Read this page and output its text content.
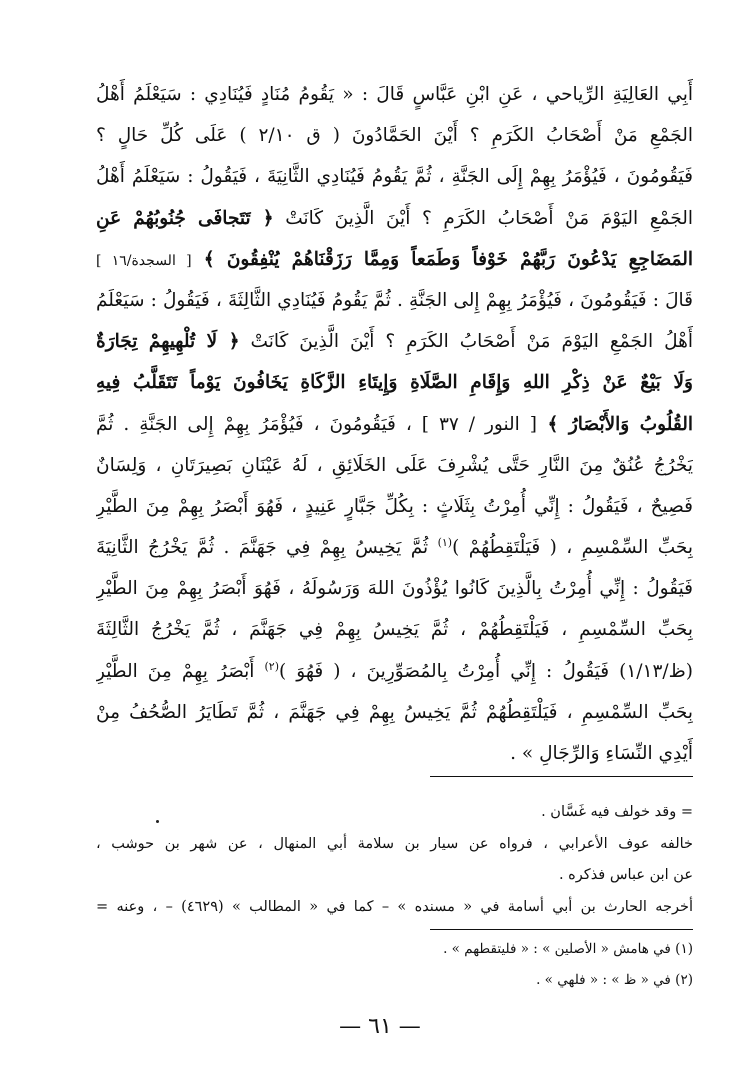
أَبِي العَالِيَةِ الرِّياحي ، عَنِ ابْنِ عَبَّاسٍ قَالَ : « يَقُومُ مُنَادٍ فَيُنَادِي : سَيَعْلَمُ أَهْلُ
الجَمْعِ مَنْ أَصْحَابُ الكَرَمِ ؟ أَيْنَ الحَمَّادُونَ ( ق ٢/١٠ ) عَلَى كُلِّ حَالٍ ؟
فَيَقُومُونَ ، فَيُؤْمَرُ بِهِمْ إِلَى الجَنَّةِ ، ثُمَّ يَقُومُ فَيُنَادِي الثَّانِيَةَ ، فَيَقُولُ : سَيَعْلَمُ أَهْلُ
الجَمْعِ اليَوْمَ مَنْ أَصْحَابُ الكَرَمِ ؟ أَيْنَ الَّذِينَ كَانَتْ ﴿ تَتَجافَى جُنُوبُهُمْ عَنِ
المَضَاجِعِ يَدْعُونَ رَبَّهُمْ خَوْفاً وَطَمَعاً وَمِمَّا رَزَقْنَاهُمْ يُنْفِقُونَ ﴾ [ السجدة/١٦ ]
قَالَ : فَيَقُومُونَ ، فَيُؤْمَرُ بِهِمْ إِلى الجَنَّةِ . ثُمَّ يَقُومُ فَيُنَادِي الثَّالِثَةَ ، فَيَقُولُ : سَيَعْلَمُ
أَهْلُ الجَمْعِ اليَوْمَ مَنْ أَصْحَابُ الكَرَمِ ؟ أَيْنَ الَّذِينَ كَانَتْ ﴿ لَا تُلْهِيهِمْ تِجَارَةٌ
وَلَا بَيْعٌ عَنْ ذِكْرِ اللهِ وَإِقَامِ الصَّلَاةِ وَإِيتَاءِ الزَّكَاةِ يَخَافُونَ يَوْماً تَتَقَلَّبُ فِيهِ
القُلُوبُ وَالأَبْصَارُ ﴾ [ النور / ٣٧ ] ، فَيَقُومُونَ ، فَيُؤْمَرُ بِهِمْ إِلى الجَنَّةِ . ثُمَّ
يَخْرُجُ عُنُقٌ مِنَ النَّارِ حَتَّى يُشْرِفَ عَلَى الخَلَائِقِ ، لَهُ عَيْنَانِ بَصِيرَتَانِ ، وَلِسَانٌ
فَصِيحٌ ، فَيَقُولُ : إِنِّي أُمِرْتُ بِثَلَاثٍ : بِكُلِّ جَبَّارٍ عَنِيدٍ ، فَهُوَ أَبْصَرُ بِهِمْ مِنَ الطَّيْرِ
بِحَبِّ السِّمْسِمِ ، ( فَيَلْتَقِطُهُمْ )$^{(١)}$ ثُمَّ يَخِيسُ بِهِمْ فِي جَهَنَّمَ . ثُمَّ يَخْرُجُ الثَّانِيَةَ
فَيَقُولُ : إِنِّي أُمِرْتُ بِالَّذِينَ كَانُوا يُؤْذُونَ اللهَ وَرَسُولَهُ ، فَهُوَ أَبْصَرُ بِهِمْ مِنَ الطَّيْرِ
بِحَبِّ السِّمْسِمِ ، فَيَلْتَقِطُهُمْ ، ثُمَّ يَخِيسُ بِهِمْ فِي جَهَنَّمَ ، ثُمَّ يَخْرُجُ الثَّالِثَةَ
(ظ/١/١٣) فَيَقُولُ : إِنِّي أُمِرْتُ بِالمُصَوِّرِينَ ، ( فَهُوَ )$^{(٢)}$ أَبْصَرُ بِهِمْ مِنَ الطَّيْرِ
بِحَبِّ السِّمْسِمِ ، فَيَلْتَقِطُهُمْ ثُمَّ يَخِيسُ بِهِمْ فِي جَهَنَّمَ ، ثُمَّ تَطَايَرُ الصُّحُفُ مِنْ
أَيْدِي النِّسَاءِ وَالرِّجَالِ » .
= وقد خولف فيه غَسَّان .
خالفه عوف الأعرابي ، فرواه عن سيار بن سلامة أبي المنهال ، عن شهر بن حوشب ،
عن ابن عباس فذكره .
أخرجه الحارث بن أبي أسامة في « مسنده » – كما في « المطالب » (٤٦٢٩) – ، وعنه =
(١) في هامش « الأصلين » : « فليتقطهم » .
(٢) في « ظ » : « فلهي » .
— ٦١ —
